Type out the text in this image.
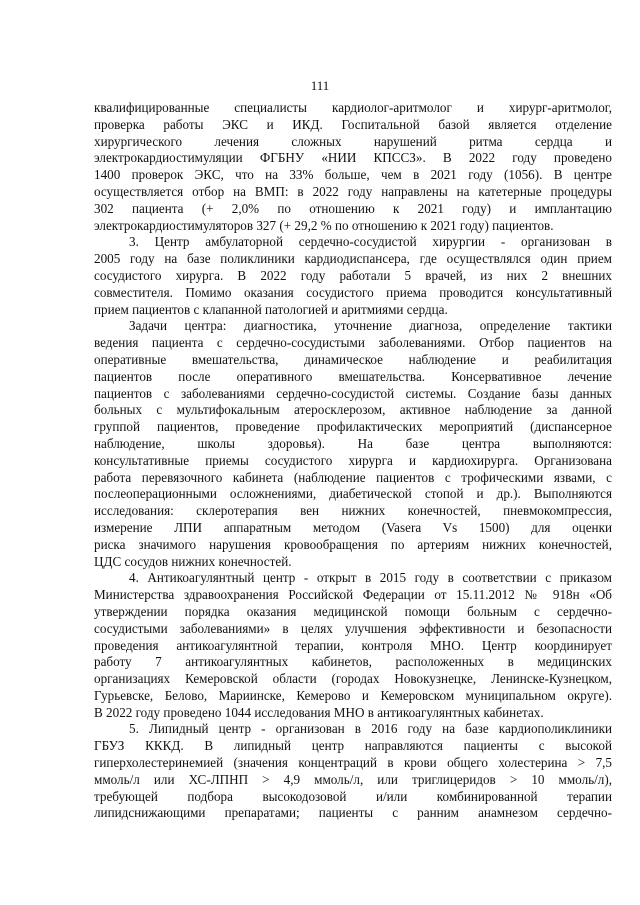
111
квалифицированные специалисты кардиолог-аритмолог и хирург-аритмолог,
проверка работы ЭКС и ИКД. Госпитальной базой является отделение
хирургического лечения сложных нарушений ритма сердца и
электрокардиостимуляции ФГБНУ «НИИ КПССЗ». В 2022 году проведено
1400 проверок ЭКС, что на 33% больше, чем в 2021 году (1056). В центре
осуществляется отбор на ВМП: в 2022 году направлены на катетерные процедуры
302 пациента (+ 2,0% по отношению к 2021 году) и имплантацию
электрокардиостимуляторов 327 (+ 29,2 % по отношению к 2021 году) пациентов.
3. Центр амбулаторной сердечно-сосудистой хирургии - организован в
2005 году на базе поликлиники кардиодиспансера, где осуществлялся один прием
сосудистого хирурга. В 2022 году работали 5 врачей, из них 2 внешних
совместителя. Помимо оказания сосудистого приема проводится консультативный
прием пациентов с клапанной патологией и аритмиями сердца.
Задачи центра: диагностика, уточнение диагноза, определение тактики
ведения пациента с сердечно-сосудистыми заболеваниями. Отбор пациентов на
оперативные вмешательства, динамическое наблюдение и реабилитация
пациентов после оперативного вмешательства. Консервативное лечение
пациентов с заболеваниями сердечно-сосудистой системы. Создание базы данных
больных с мультифокальным атеросклерозом, активное наблюдение за данной
группой пациентов, проведение профилактических мероприятий (диспансерное
наблюдение, школы здоровья). На базе центра выполняются:
консультативные приемы сосудистого хирурга и кардиохирурга. Организована
работа перевязочного кабинета (наблюдение пациентов с трофическими язвами, с
послеоперационными осложнениями, диабетической стопой и др.). Выполняются
исследования: склеротерапия вен нижних конечностей, пневмокомпрессия,
измерение ЛПИ аппаратным методом (Vasera Vs 1500) для оценки
риска значимого нарушения кровообращения по артериям нижних конечностей,
ЦДС сосудов нижних конечностей.
4. Антикоагулянтный центр - открыт в 2015 году в соответствии с приказом
Министерства здравоохранения Российской Федерации от 15.11.2012 № 918н «Об
утверждении порядка оказания медицинской помощи больным с сердечно-
сосудистыми заболеваниями» в целях улучшения эффективности и безопасности
проведения антикоагулянтной терапии, контроля МНО. Центр координирует
работу 7 антикоагулянтных кабинетов, расположенных в медицинских
организациях Кемеровской области (городах Новокузнецке, Ленинске-Кузнецком,
Гурьевске, Белово, Мариинске, Кемерово и Кемеровском муниципальном округе).
В 2022 году проведено 1044 исследования МНО в антикоагулянтных кабинетах.
5. Липидный центр - организован в 2016 году на базе кардиополиклиники
ГБУЗ КККД. В липидный центр направляются пациенты с высокой
гиперхолестеринемией (значения концентраций в крови общего холестерина > 7,5
ммоль/л или ХС-ЛПНП > 4,9 ммоль/л, или триглицеридов > 10 ммоль/л),
требующей подбора высокодозовой и/или комбинированной терапии
липидснижающими препаратами; пациенты с ранним анамнезом сердечно-
